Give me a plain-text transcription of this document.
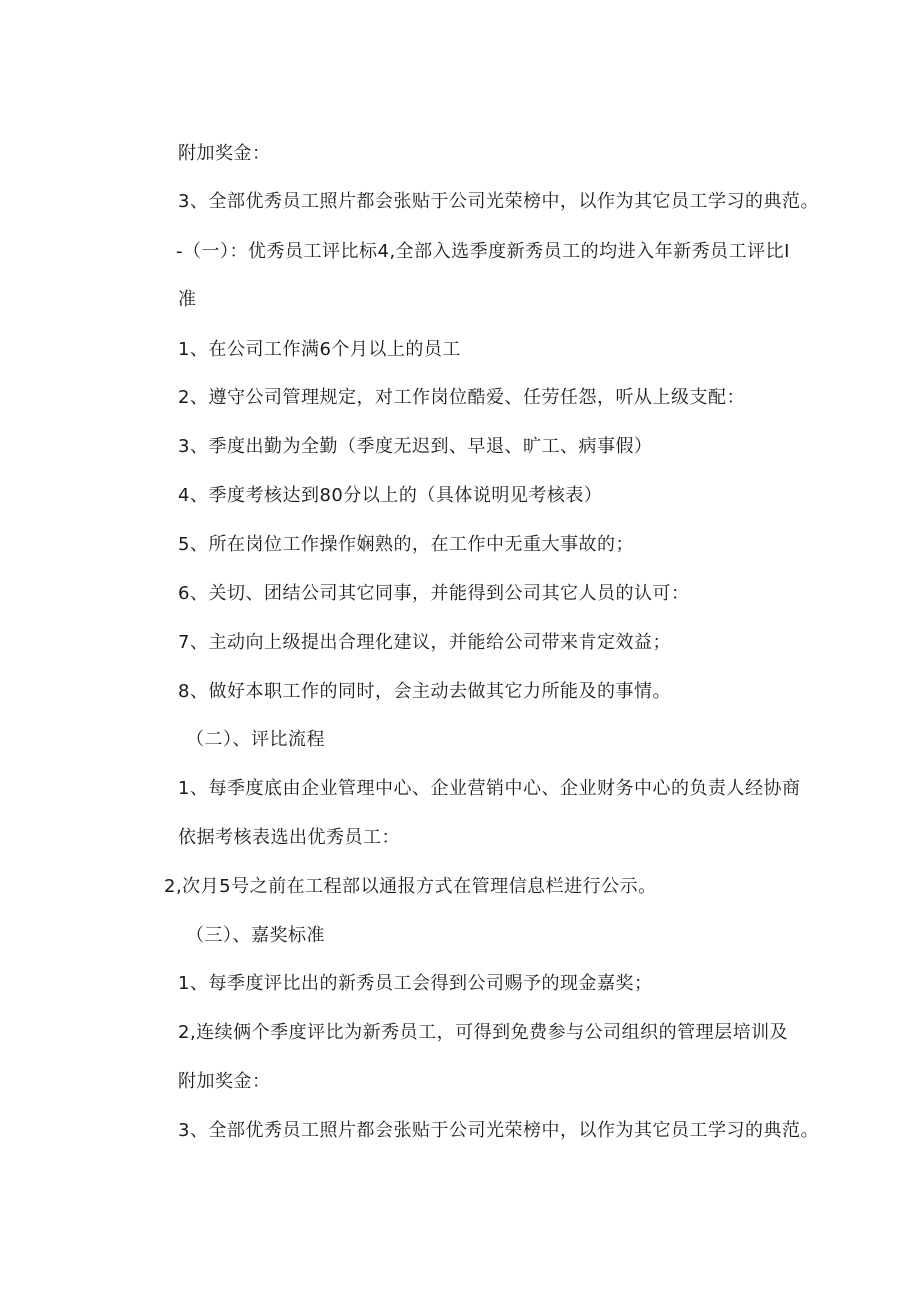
附加奖金：
3、全部优秀员工照片都会张贴于公司光荣榜中，以作为其它员工学习的典范。
-（一）：优秀员工评比标4,全部入选季度新秀员工的均进入年新秀员工评比I
准
1、在公司工作满6个月以上的员工
2、遵守公司管理规定，对工作岗位酷爱、任劳任怨，听从上级支配：
3、季度出勤为全勤（季度无迟到、早退、旷工、病事假）
4、季度考核达到80分以上的（具体说明见考核表）
5、所在岗位工作操作娴熟的，在工作中无重大事故的；
6、关切、团结公司其它同事，并能得到公司其它人员的认可：
7、主动向上级提出合理化建议，并能给公司带来肯定效益；
8、做好本职工作的同时，会主动去做其它力所能及的事情。
（二）、评比流程
1、每季度底由企业管理中心、企业营销中心、企业财务中心的负责人经协商
依据考核表选出优秀员工：
2,次月5号之前在工程部以通报方式在管理信息栏进行公示。
（三）、嘉奖标准
1、每季度评比出的新秀员工会得到公司赐予的现金嘉奖；
2,连续俩个季度评比为新秀员工，可得到免费参与公司组织的管理层培训及
附加奖金：
3、全部优秀员工照片都会张贴于公司光荣榜中，以作为其它员工学习的典范。
